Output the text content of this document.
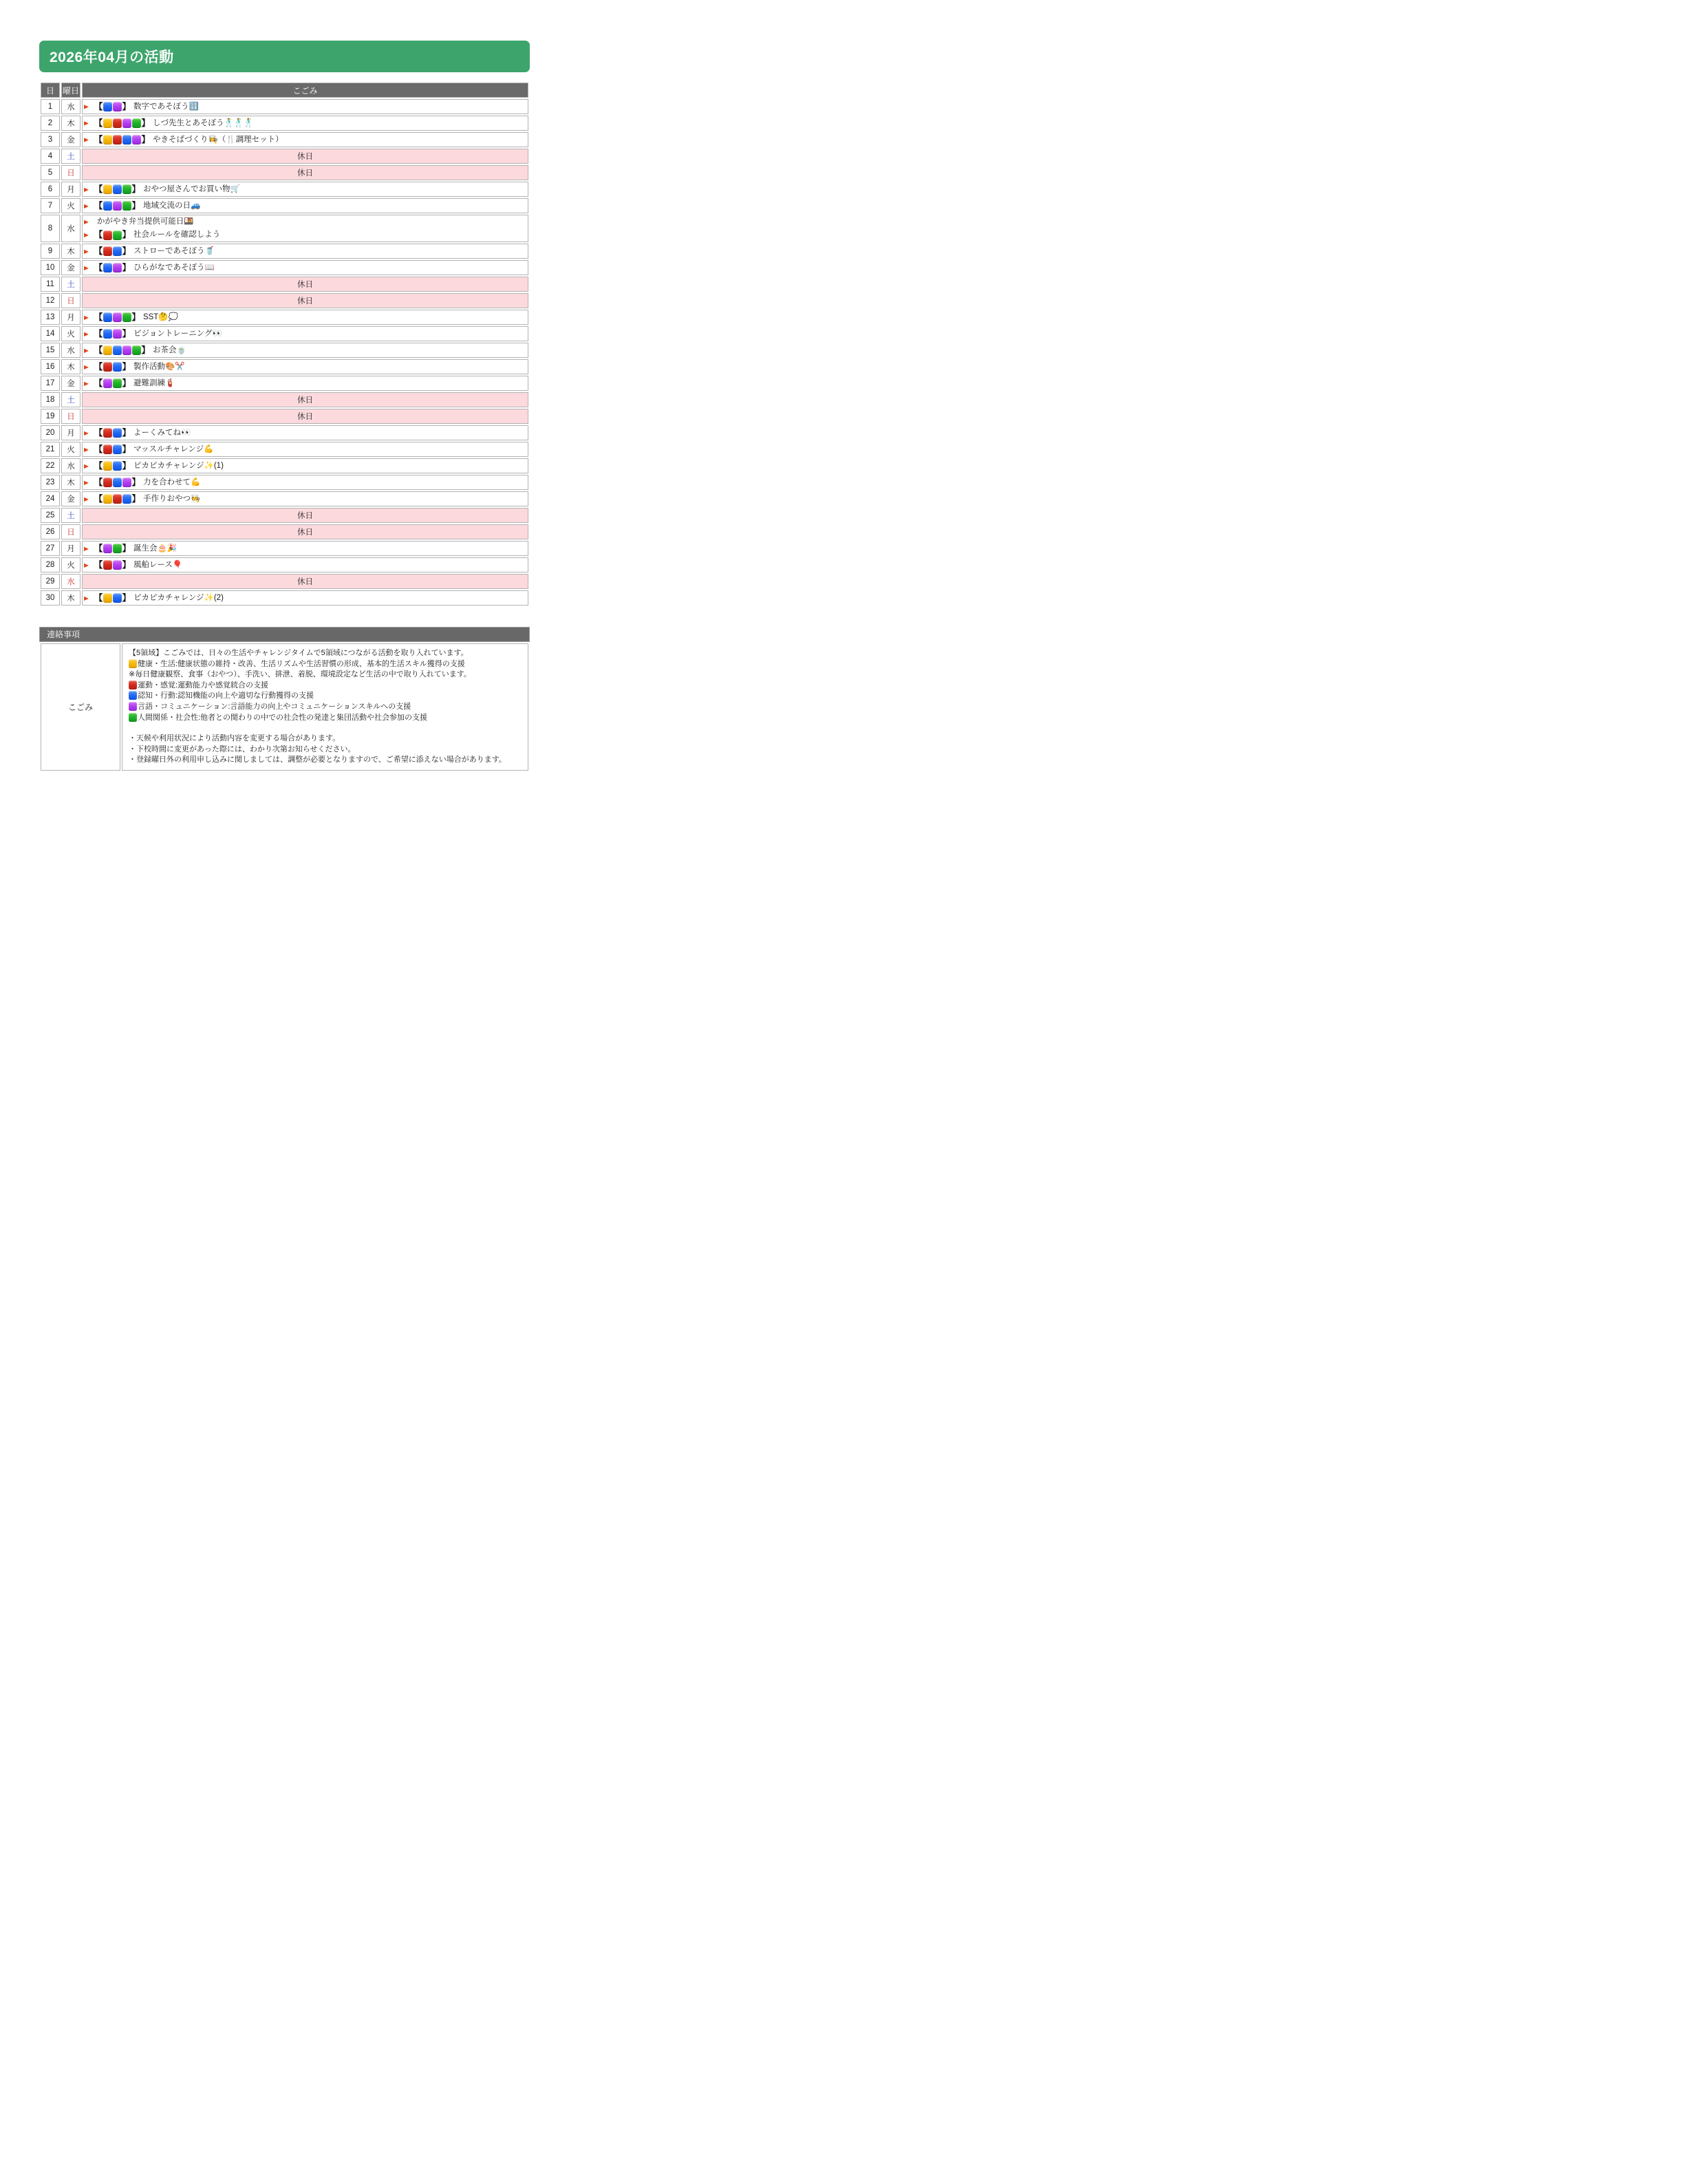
2026年04月の活動
日	曜日	こごみ
1	水	▶ 【 】 数字であそぼう🔢

2	木	▶ 【 】 しづ先生とあそぼう🕺🕺🕺

3	金	▶ 【 】 やきそばづくり👩‍🍳（🍴調理セット）

4	土	休日
5	日	休日
6	月	▶ 【 】 おやつ屋さんでお買い物🛒

7	火	▶ 【 】 地域交流の日🚙

8	水	
▶ かがやき弁当提供可能日🍱
▶ 【 】 社会ルールを確認しよう

9	木	▶ 【 】 ストローであそぼう🥤

10	金	▶ 【 】 ひらがなであそぼう📖

11	土	休日
12	日	休日
13	月	▶ 【 】 SST🤔💭

14	火	▶ 【 】 ビジョントレーニング👀

15	水	▶ 【 】 お茶会🍵

16	木	▶ 【 】 製作活動🎨✂️

17	金	▶ 【 】 避難訓練🧯

18	土	休日
19	日	休日
20	月	▶ 【 】 よーくみてね👀

21	火	▶ 【 】 マッスルチャレンジ💪

22	水	▶ 【 】 ピカピカチャレンジ✨(1)

23	木	▶ 【 】 力を合わせて💪

24	金	▶ 【 】 手作りおやつ🧑‍🍳

25	土	休日
26	日	休日
27	月	▶ 【 】 誕生会🎂🎉

28	火	▶ 【 】 風船レース🎈

29	水	休日
30	木	▶ 【 】 ピカピカチャレンジ✨(2)
連絡事項
こごみ	
【5領域】こごみでは、日々の生活やチャレンジタイムで5領域につながる活動を取り入れています。
健康・生活:健康状態の維持・改善、生活リズムや生活習慣の形成、基本的生活スキル獲得の支援
※毎日健康観察、食事（おやつ）、手洗い、排泄、着脱、環境設定など生活の中で取り入れています。
運動・感覚:運動能力や感覚統合の支援
認知・行動:認知機能の向上や適切な行動獲得の支援
言語・コミュニケーション:言語能力の向上やコミュニケーションスキルへの支援
人間関係・社会性:他者との関わりの中での社会性の発達と集団活動や社会参加の支援
・天候や利用状況により活動内容を変更する場合があります。
・下校時間に変更があった際には、わかり次第お知らせください。
・登録曜日外の利用申し込みに関しましては、調整が必要となりますので、ご希望に添えない場合があります。
